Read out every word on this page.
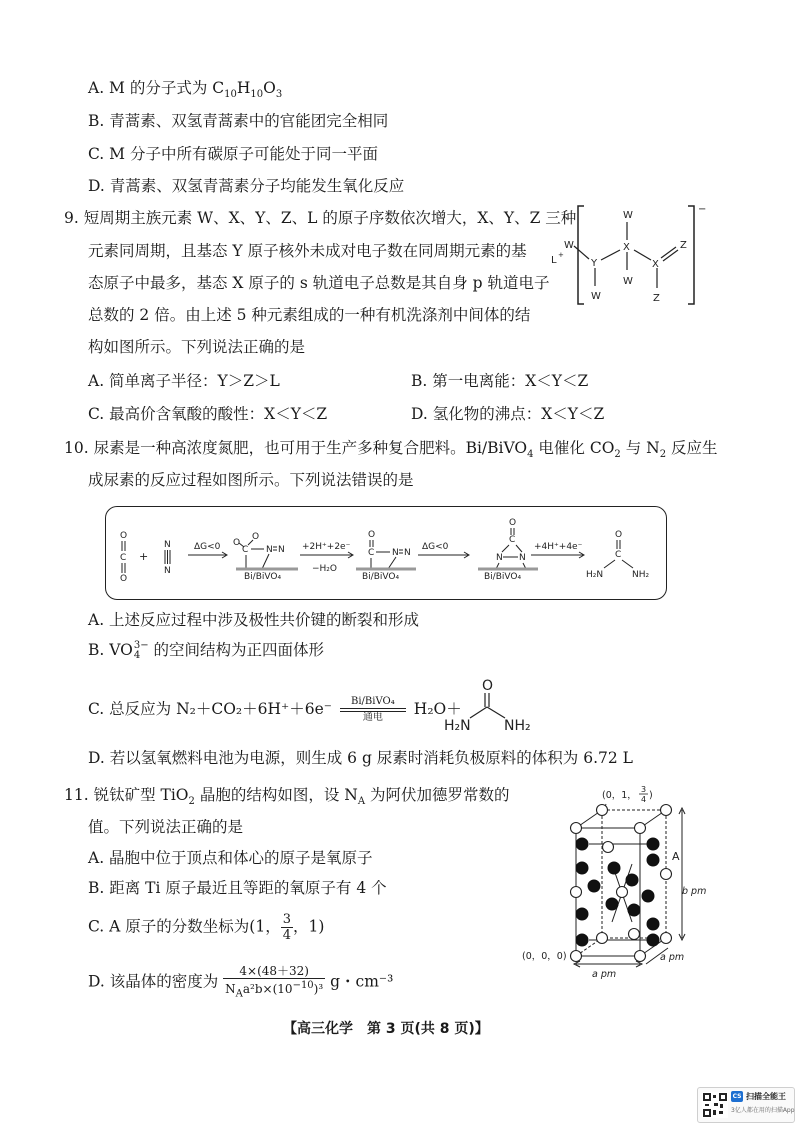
A. M 的分子式为 $C_{10}H_{10}O_3$
B. 青蒿素、双氢青蒿素中的官能团完全相同
C. M 分子中所有碳原子可能处于同一平面
D. 青蒿素、双氢青蒿素分子均能发生氧化反应
9. 短周期主族元素 W、X、Y、Z、L 的原子序数依次增大，X、Y、Z 三种
元素同周期，且基态 Y 原子核外未成对电子数在同周期元素的基
态原子中最多，基态 X 原子的 s 轨道电子总数是其自身 p 轨道电子
总数的 2 倍。由上述 5 种元素组成的一种有机洗涤剂中间体的结
构如图所示。下列说法正确的是
L +
W
Y
W
W
X
W
X
Z
Z
−
A. 简单离子半径：Y＞Z＞L	B. 第一电离能：X＜Y＜Z
C. 最高价含氧酸的酸性：X＜Y＜Z	D. 氢化物的沸点：X＜Y＜Z
10. 尿素是一种高浓度氮肥，也可用于生产多种复合肥料。Bi/BiVO$_4$ 电催化 $CO_2$ 与 $N_2$ 反应生
成尿素的反应过程如图所示。下列说法错误的是
O
C
O
+
N
N
ΔG<0 O
C
O
N N
Bi/BiVO₄
+2H⁺+2e⁻
−H₂O
O
C N N
Bi/BiVO₄
ΔG<0
O
C
N N
Bi/BiVO₄
+4H⁺+4e⁻
O
C
H₂N	NH₂
A. 上述反应过程中涉及极性共价键的断裂和形成
B. VO 3−
4 的空间结构为正四面体形
C. 总反应为 N₂＋CO₂＋6H⁺＋6e⁻	Bi/BiVO₄
通电	H₂O＋
O
H₂N NH₂
D. 若以氢氧燃料电池为电源，则生成 6 g 尿素时消耗负极原料的体积为 6.72 L
11. 锐钛矿型 TiO$_2$ 晶胞的结构如图，设 $N_A$ 为阿伏加德罗常数的
值。下列说法正确的是
A. 晶胞中位于顶点和体心的原子是氧原子
B. 距离 Ti 原子最近且等距的氧原子有 4 个
C. A 原子的分数坐标为(1， $\frac{3}{4}$ ，1)
D. 该晶体的密度为 $\frac{4\times(48+32)}{N_Aa^2b\times(10^{-10})^3}$ g・cm⁻³
(0，1，
3
4 )
A
b pm
(0，0，0)
a pm
a pm
【高三化学　第 3 页(共 8 页)】
CS 扫描全能王
3亿人都在用的扫描App
